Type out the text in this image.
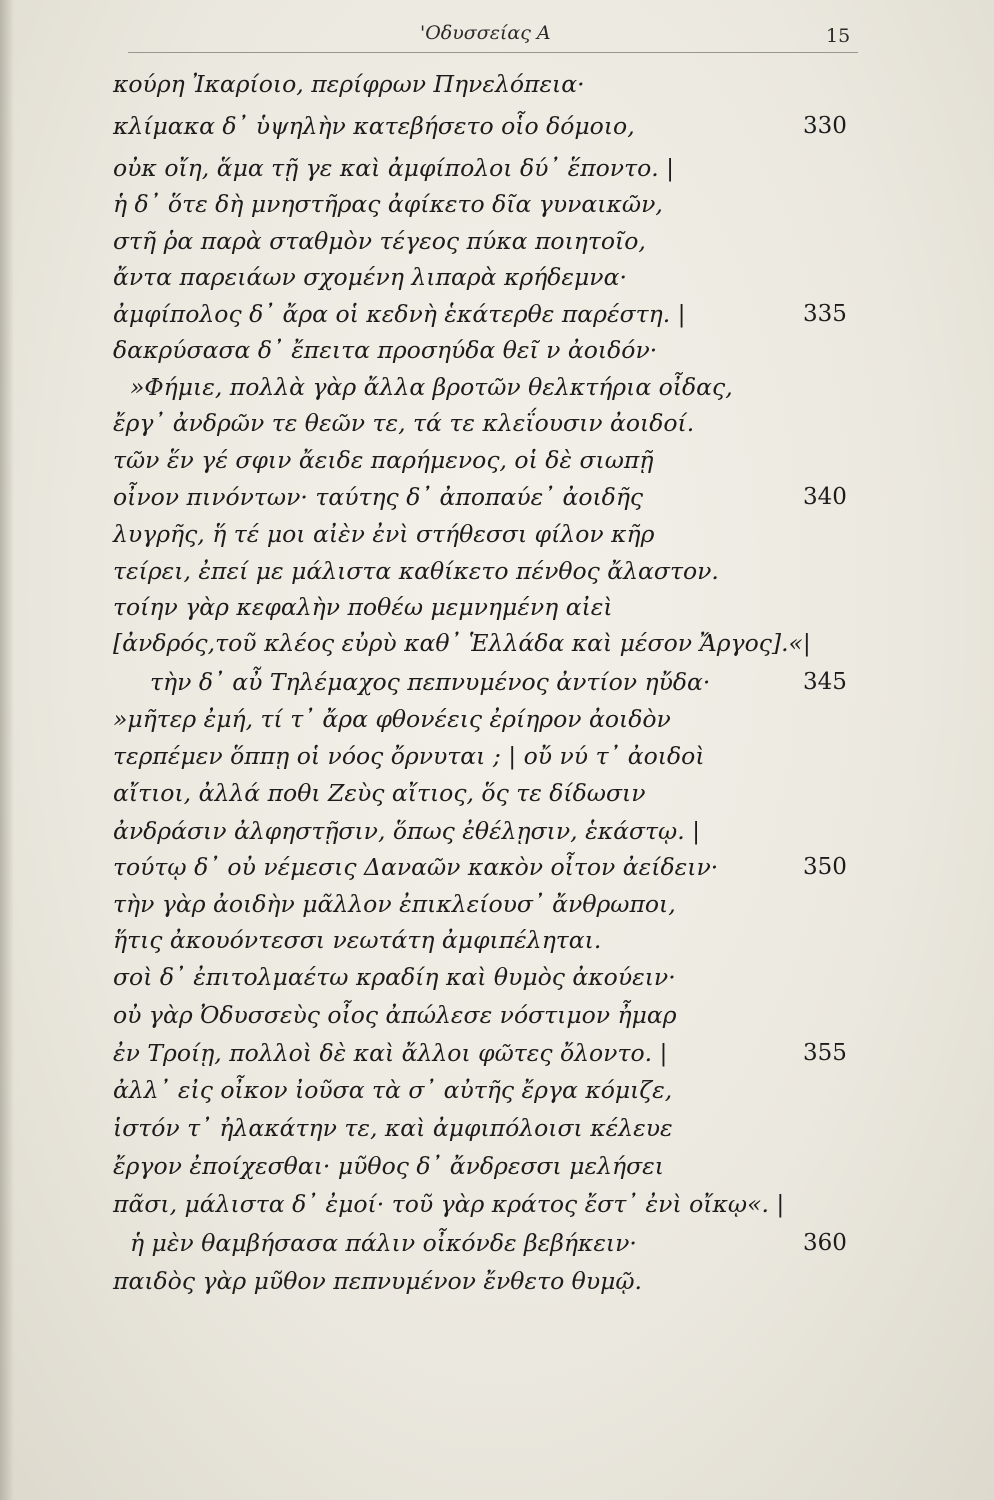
'Οδυσσείας Α	15
κούρη Ἰκαρίοιο, περίφρων Πηνελόπεια·
κλίμακα δ᾽ ὑψηλὴν κατεβήσετο οἷο δόμοιο,
οὐκ οἴη, ἅμα τῇ γε καὶ ἀμφίπολοι δύ᾽ ἕποντο. |
ἡ δ᾽ ὅτε δὴ μνηστῆρας ἀφίκετο δῖα γυναικῶν,
στῆ ῥα παρὰ σταθμὸν τέγεος πύκα ποιητοῖο,
ἄντα παρειάων σχομένη λιπαρὰ κρήδεμνα·
ἀμφίπολος δ᾽ ἄρα οἱ κεδνὴ ἑκάτερθε παρέστη. |
δακρύσασα δ᾽ ἔπειτα προσηύδα θεῖ ν ἀοιδόν·
»Φήμιε, πολλὰ γὰρ ἄλλα βροτῶν θελκτήρια οἶδας,
ἔργ᾽ ἀνδρῶν τε θεῶν τε, τά τε κλεΐουσιν ἀοιδοί.
τῶν ἕν γέ σφιν ἄειδε παρήμενος, οἱ δὲ σιωπῇ
οἶνον πινόντων· ταύτης δ᾽ ἀποπαύε᾽ ἀοιδῆς
λυγρῆς, ἥ τέ μοι αἰὲν ἐνὶ στήθεσσι φίλον κῆρ
τείρει, ἐπεί με μάλιστα καθίκετο πένθος ἄλαστον.
τοίην γὰρ κεφαλὴν ποθέω μεμνημένη αἰεὶ
[ἀνδρός,τοῦ κλέος εὐρὺ καθ᾽ Ἑλλάδα καὶ μέσον Ἄργος].«|
τὴν δ᾽ αὖ Τηλέμαχος πεπνυμένος ἀντίον ηὔδα·
»μῆτερ ἐμή, τί τ᾽ ἄρα φθονέεις ἐρίηρον ἀοιδὸν
τερπέμεν ὅππῃ οἱ νόος ὄρνυται ; | οὔ νύ τ᾽ ἀοιδοὶ
αἴτιοι, ἀλλά ποθι Ζεὺς αἴτιος, ὅς τε δίδωσιν
ἀνδράσιν ἀλφηστῇσιν, ὅπως ἐθέλῃσιν, ἑκάστῳ. |
τούτῳ δ᾽ οὐ νέμεσις Δαναῶν κακὸν οἶτον ἀείδειν·
τὴν γὰρ ἀοιδὴν μᾶλλον ἐπικλείουσ᾽ ἄνθρωποι,
ἥτις ἀκουόντεσσι νεωτάτη ἀμφιπέληται.
σοὶ δ᾽ ἐπιτολμαέτω κραδίη καὶ θυμὸς ἀκούειν·
οὐ γὰρ Ὀδυσσεὺς οἶος ἀπώλεσε νόστιμον ἦμαρ
ἐν Τροίῃ, πολλοὶ δὲ καὶ ἄλλοι φῶτες ὄλοντο. |
ἀλλ᾽ εἰς οἶκον ἰοῦσα τὰ σ᾽ αὐτῆς ἔργα κόμιζε,
ἱστόν τ᾽ ἠλακάτην τε, καὶ ἀμφιπόλοισι κέλευε
ἔργον ἐποίχεσθαι· μῦθος δ᾽ ἄνδρεσσι μελήσει
πᾶσι, μάλιστα δ᾽ ἐμοί· τοῦ γὰρ κράτος ἔστ᾽ ἐνὶ οἴκῳ«. |
ἡ μὲν θαμβήσασα πάλιν οἶκόνδε βεβήκειν·
παιδὸς γὰρ μῦθον πεπνυμένον ἔνθετο θυμῷ.
330
335
340
345
350
355
360
